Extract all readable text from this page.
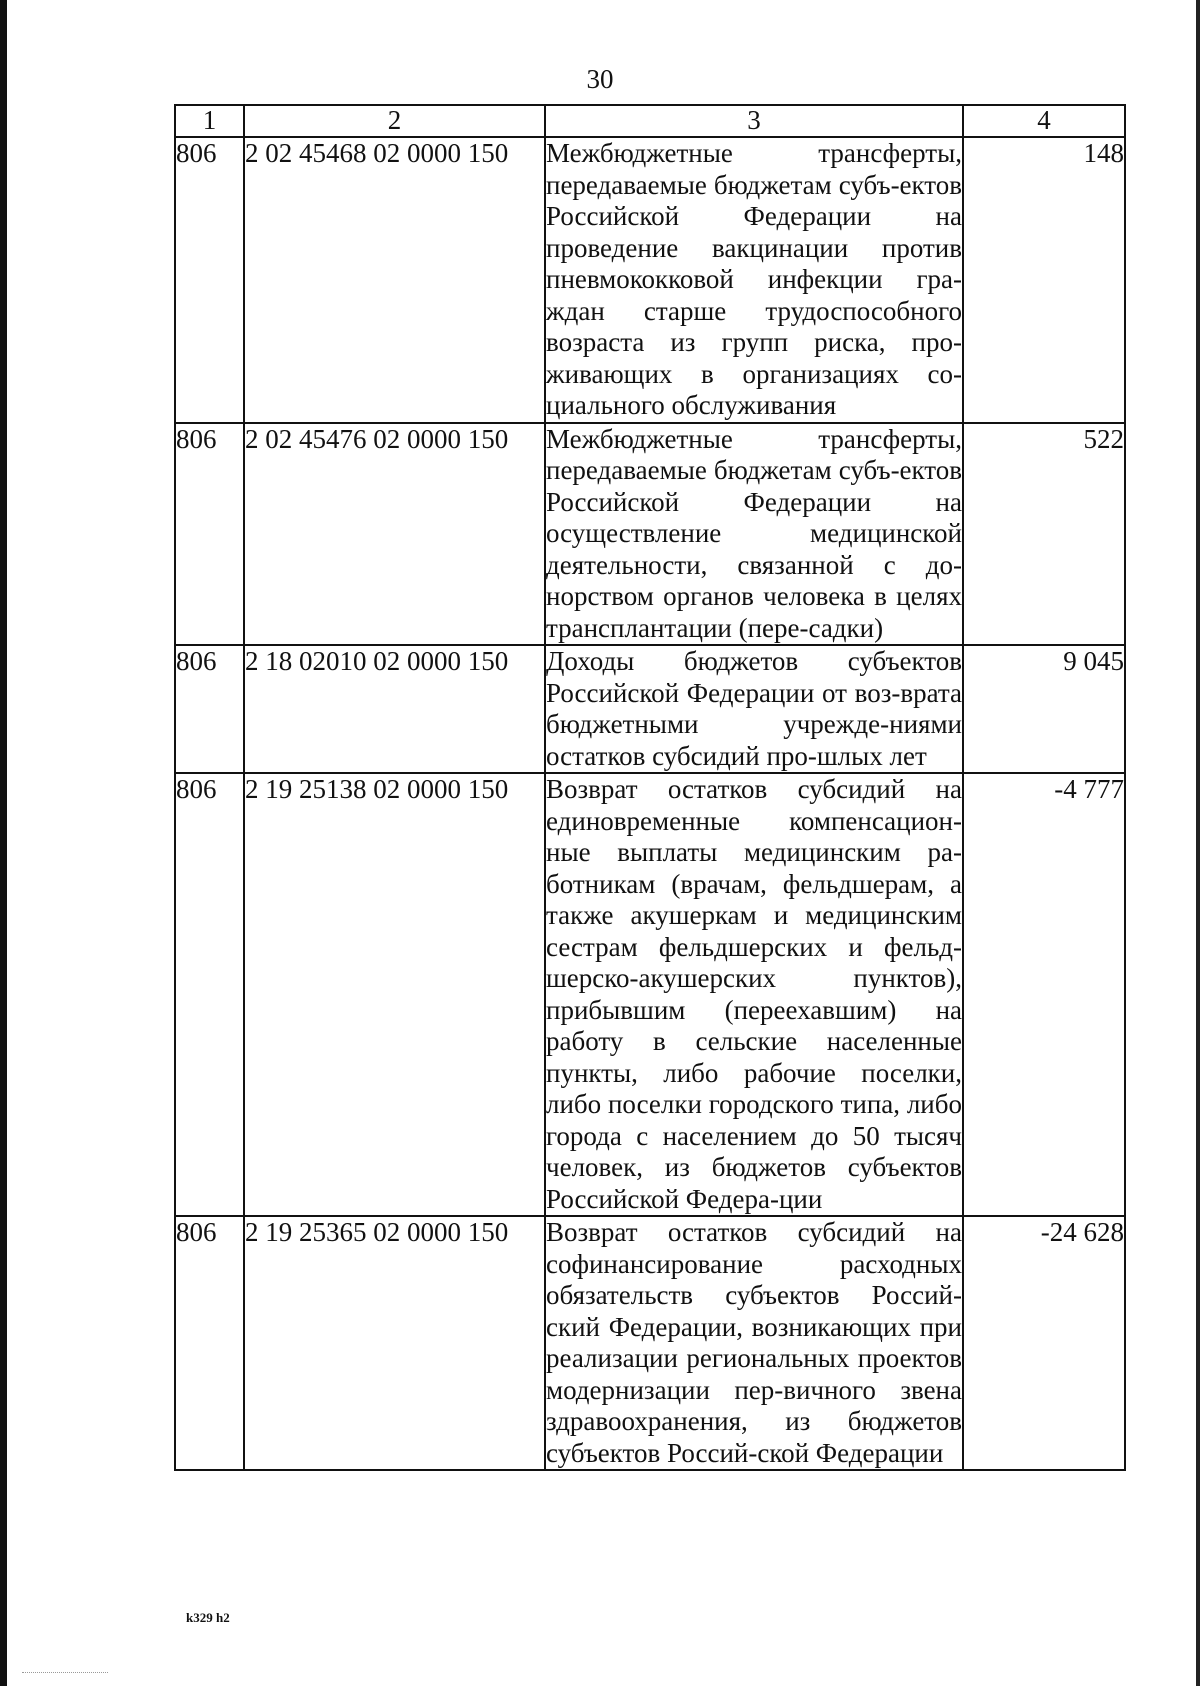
30
1	2	3	4
806	2 02 45468 02 0000 150	Межбюджетные трансферты, передаваемые бюджетам субъ-ектов Российской Федерации на проведение вакцинации против пневмококковой инфекции гра-ждан старше трудоспособного возраста из групп риска, про-живающих в организациях со-циального обслуживания	148
806	2 02 45476 02 0000 150	Межбюджетные трансферты, передаваемые бюджетам субъ-ектов Российской Федерации на осуществление медицинской деятельности, связанной с до-норством органов человека в целях трансплантации (пере-садки)	522
806	2 18 02010 02 0000 150	Доходы бюджетов субъектов Российской Федерации от воз-врата бюджетными учрежде-ниями остатков субсидий про-шлых лет	9 045
806	2 19 25138 02 0000 150	Возврат остатков субсидий на единовременные компенсацион-ные выплаты медицинским ра-ботникам (врачам, фельдшерам, а также акушеркам и медицинским сестрам фельдшерских и фельд-шерско-акушерских пунктов), прибывшим (переехавшим) на работу в сельские населенные пункты, либо рабочие поселки, либо поселки городского типа, либо города с населением до 50 тысяч человек, из бюджетов субъектов Российской Федера-ции	-4 777
806	2 19 25365 02 0000 150	Возврат остатков субсидий на софинансирование расходных обязательств субъектов Россий-ский Федерации, возникающих при реализации региональных проектов модернизации пер-вичного звена здравоохранения, из бюджетов субъектов Россий-ской Федерации	-24 628
k329 h2
